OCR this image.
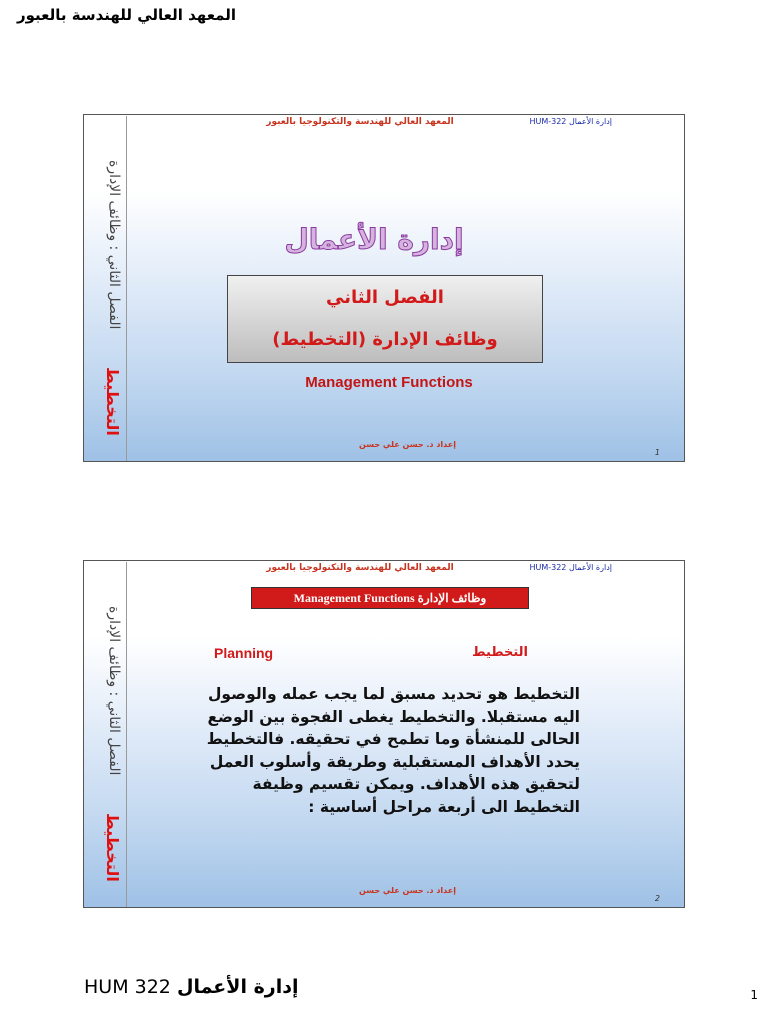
المعهد العالي للهندسة بالعبور
الفصل الثاني : وظائف الإدارة
التخطيط
إدارة الأعمال HUM-322
المعهد العالي للهندسة والتكنولوجيا بالعبور
إدارة الأعمال
الفصل الثاني
وظائف الإدارة (التخطيط)
Management Functions
إعداد د. حسن علي حسن
1
الفصل الثاني : وظائف الإدارة
التخطيط
إدارة الأعمال HUM-322
المعهد العالي للهندسة والتكنولوجيا بالعبور
Management Functions وظائف الإدارة
Planning	التخطيط
التخطيط هو تحديد مسبق لما يجب عمله والوصول اليه مستقبلا. والتخطيط يغطى الفجوة بين الوضع الحالى للمنشأة وما تطمح في تحقيقه. فالتخطيط يحدد الأهداف المستقبلية وطريقة وأسلوب العمل لتحقيق هذه الأهداف. ويمكن تقسيم وظيفة التخطيط الى أربعة مراحل أساسية :
إعداد د. حسن علي حسن
2
HUM 322 إدارة الأعمال	1
